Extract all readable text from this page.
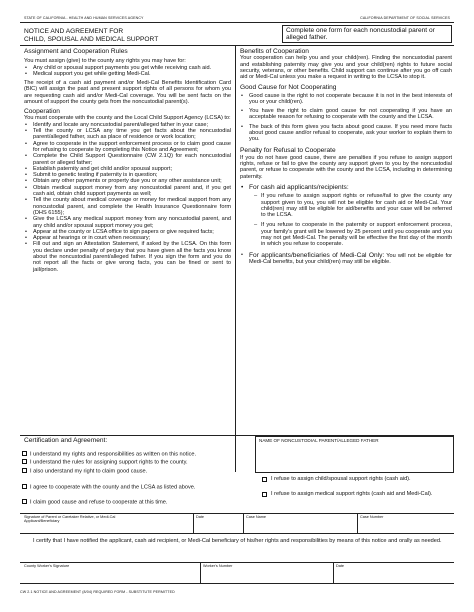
STATE OF CALIFORNIA - HEALTH AND HUMAN SERVICES AGENCY	CALIFORNIA DEPARTMENT OF SOCIAL SERVICES
NOTICE AND AGREEMENT FOR
CHILD, SPOUSAL AND MEDICAL SUPPORT
Complete one form for each noncustodial parent or alleged father.
Assignment and Cooperation Rules
You must assign (give) to the county any rights you may have for:
• Any child or spousal support payments you get while receiving cash aid.
• Medical support you get while getting Medi-Cal.
The receipt of a cash aid payment and/or Medi-Cal Benefits Identification Card (BIC) will assign the past and present support rights of all persons for whom you are requesting cash aid and/or Medi-Cal coverage. You will be sent facts on the amount of support the county gets from the noncustodial parent(s).
Cooperation
You must cooperate with the county and the Local Child Support Agency (LCSA) to:
• Identify and locate any noncustodial parent/alleged father in your case;
• Tell the county or LCSA any time you get facts about the noncustodial parent/alleged father, such as place of residence or work location;
• Agree to cooperate in the support enforcement process or to claim good cause for refusing to cooperate by completing this Notice and Agreement;
• Complete the Child Support Questionnaire (CW 2.1Q) for each noncustodial parent or alleged father;
• Establish paternity and get child and/or spousal support;
• Submit to genetic testing if paternity is in question;
• Obtain any other payments or property due you or any other assistance unit;
• Obtain medical support money from any noncustodial parent and, if you get cash aid, obtain child support payments as well;
• Tell the county about medical coverage or money for medical support from any noncustodial parent, and complete the Health Insurance Questionnaire form (DHS 6155);
• Give the LCSA any medical support money from any noncustodial parent, and any child and/or spousal support money you get;
• Appear at the county or LCSA office to sign papers or give required facts;
• Appear at hearings or in court when necessary;
• Fill out and sign an Attestation Statement, if asked by the LCSA. On this form you declare under penalty of perjury that you have given all the facts you know about the noncustodial parent/alleged father. If you sign the form and you do not report all the facts or give wrong facts, you can be fined or sent to jail/prison.
Benefits of Cooperation
Your cooperation can help you and your child(ren). Finding the noncustodial parent and establishing paternity may give you and your child(ren) rights to future social security, veterans, or other benefits. Child support can continue after you go off cash aid or Medi-Cal unless you make a request in writing to the LCSA to stop it.
Good Cause for Not Cooperating
• Good cause is the right to not cooperate because it is not in the best interests of you or your child(ren).
• You have the right to claim good cause for not cooperating if you have an acceptable reason for refusing to cooperate with the county and the LCSA.
• The back of this form gives you facts about good cause. If you need more facts about good cause and/or refusal to cooperate, ask your worker to explain them to you.
Penalty for Refusal to Cooperate
If you do not have good cause, there are penalties if you refuse to assign support rights, refuse or fail to give the county any support given to you by the noncustodial parent, or refuse to cooperate with the county and the LCSA, including in determining paternity.
• For cash aid applicants/recipients:
– If you refuse to assign support rights or refuse/fail to give the county any support given to you, you will not be eligible for cash aid or Medi-Cal. Your child(ren) may still be eligible for aid/benefits and your case will be referred to the LCSA.
– If you refuse to cooperate in the paternity or support enforcement process, your family's grant will be lowered by 25 percent until you cooperate and you may not get Medi-Cal. The penalty will be effective the first day of the month in which you refuse to cooperate.
• For applicants/beneficiaries of Medi-Cal Only: You will not be eligible for Medi-Cal benefits, but your child(ren) may still be eligible.
Certification and Agreement:	NAME OF NONCUSTODIAL PARENT/ALLEGED FATHER
I understand my rights and responsibilities as written on this notice.
I understand the rules for assigning support rights to the county.
I also understand my right to claim good cause.
I agree to cooperate with the county and the LCSA as listed above.
I claim good cause and refuse to cooperate at this time.
I refuse to assign child/spousal support rights (cash aid).
I refuse to assign medical support rights (cash aid and Medi-Cal).
Signature of Parent or Caretaker Relative, or Medi-Cal Applicant/Beneficiary
Date	Case Name	Case Number
I certify that I have notified the applicant, cash aid recipient, or Medi-Cal beneficiary of his/her rights and responsibilities by means of this notice and orally as needed.
County Worker's Signature	Worker's Number	Date
CW 2.1 NOTICE AND AGREEMENT (8/04) REQUIRED FORM - SUBSTITUTE PERMITTED
